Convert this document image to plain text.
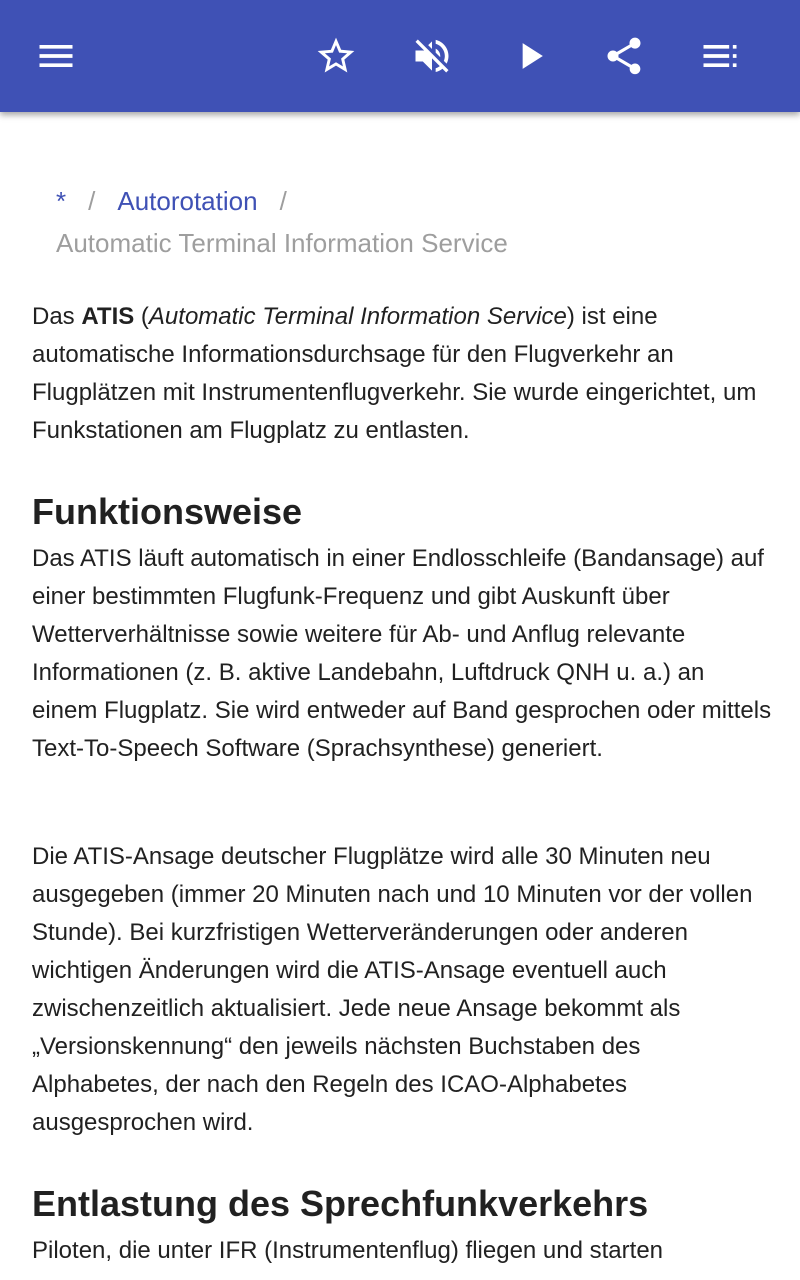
* / Autorotation /
Automatic Terminal Information Service

Das ATIS (Automatic Terminal Information Service) ist eine automatische Informationsdurchsage für den Flugverkehr an Flugplätzen mit Instrumentenflugverkehr. Sie wurde eingerichtet, um Funkstationen am Flugplatz zu entlasten.

Funktionsweise

Das ATIS läuft automatisch in einer Endlosschleife (Bandansage) auf einer bestimmten Flugfunk-Frequenz und gibt Auskunft über Wetterverhältnisse sowie weitere für Ab- und Anflug relevante Informationen (z. B. aktive Landebahn, Luftdruck QNH u. a.) an einem Flugplatz. Sie wird entweder auf Band gesprochen oder mittels Text-To-Speech Software (Sprachsynthese) generiert.

Die ATIS-Ansage deutscher Flugplätze wird alle 30 Minuten neu ausgegeben (immer 20 Minuten nach und 10 Minuten vor der vollen Stunde). Bei kurzfristigen Wetterveränderungen oder anderen wichtigen Änderungen wird die ATIS-Ansage eventuell auch zwischenzeitlich aktualisiert. Jede neue Ansage bekommt als „Versionskennung“ den jeweils nächsten Buchstaben des Alphabetes, der nach den Regeln des ICAO-Alphabetes ausgesprochen wird.

Entlastung des Sprechfunkverkehrs

Piloten, die unter IFR (Instrumentenflug) fliegen und starten
